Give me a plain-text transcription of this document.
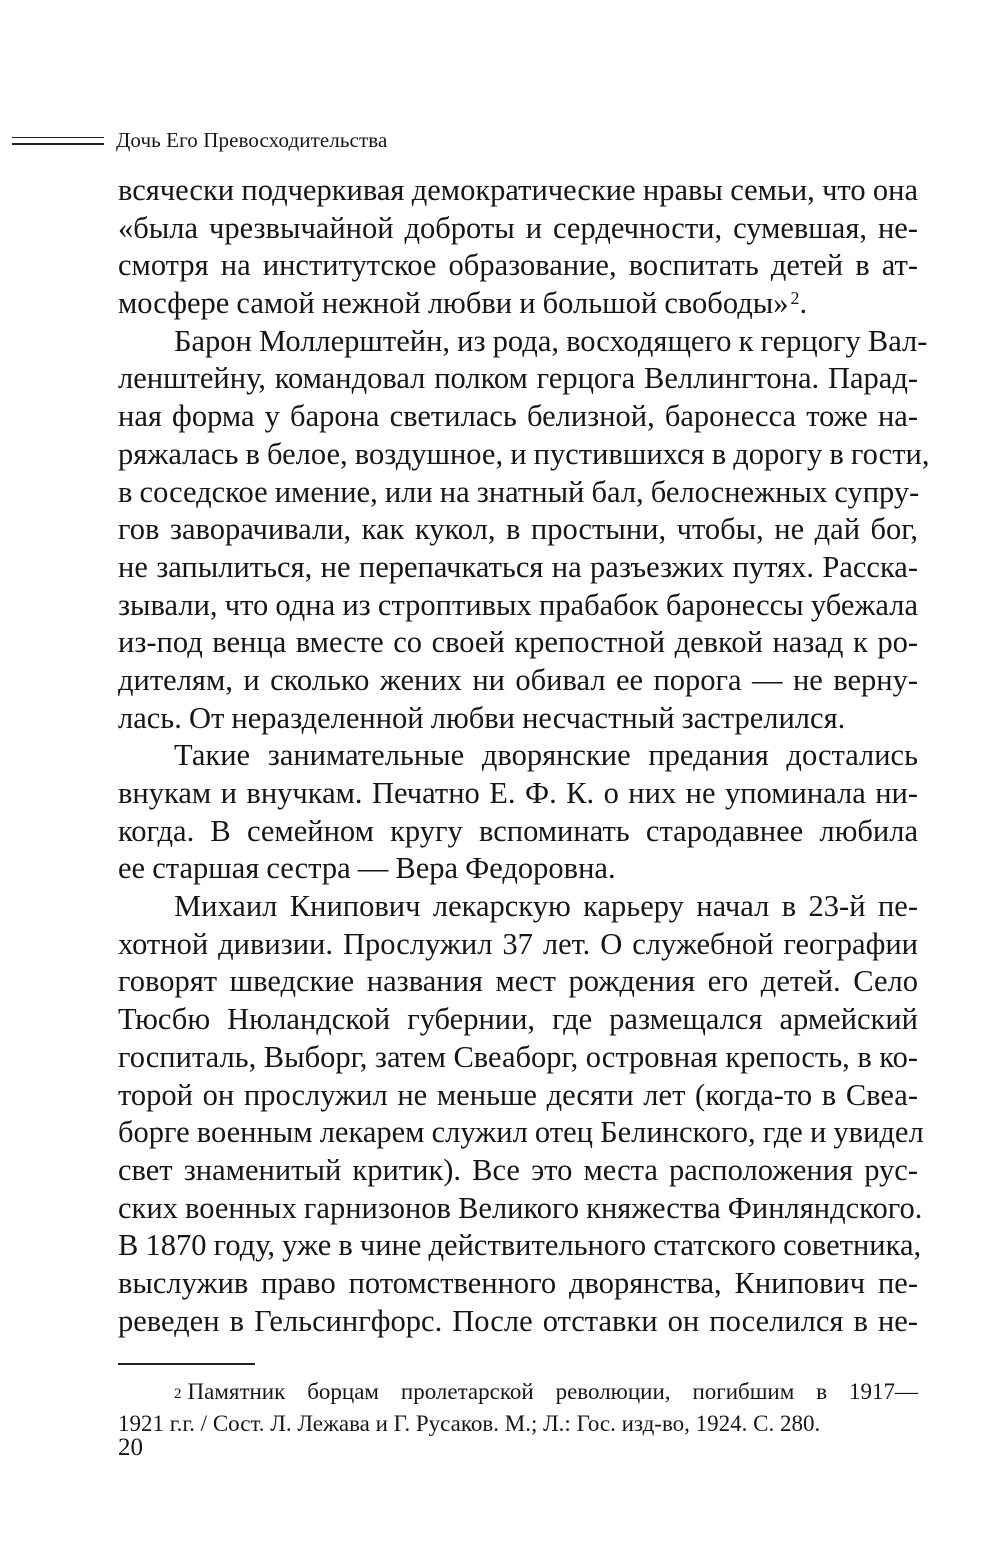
Дочь Его Превосходительства
всячески подчеркивая демократические нравы семьи, что она
«была чрезвычайной доброты и сердечности, сумевшая, не-
смотря на институтское образование, воспитать детей в ат-
мосфере самой нежной любви и большой свободы» $^2$.
Барон Моллерштейн, из рода, восходящего к герцогу Вал-
ленштейну, командовал полком герцога Веллингтона. Парад-
ная форма у барона светилась белизной, баронесса тоже на-
ряжалась в белое, воздушное, и пустившихся в дорогу в гости,
в соседское имение, или на знатный бал, белоснежных супру-
гов заворачивали, как кукол, в простыни, чтобы, не дай бог,
не запылиться, не перепачкаться на разъезжих путях. Расска-
зывали, что одна из строптивых прабабок баронессы убежала
из-под венца вместе со своей крепостной девкой назад к ро-
дителям, и сколько жених ни обивал ее порога — не верну-
лась. От неразделенной любви несчастный застрелился.
Такие занимательные дворянские предания достались
внукам и внучкам. Печатно Е. Ф. К. о них не упоминала ни-
когда. В семейном кругу вспоминать стародавнее любила
ее старшая сестра — Вера Федоровна.
Михаил Книпович лекарскую карьеру начал в 23-й пе-
хотной дивизии. Прослужил 37 лет. О служебной географии
говорят шведские названия мест рождения его детей. Село
Тюсбю Нюландской губернии, где размещался армейский
госпиталь, Выборг, затем Свеаборг, островная крепость, в ко-
торой он прослужил не меньше десяти лет (когда-то в Свеа-
борге военным лекарем служил отец Белинского, где и увидел
свет знаменитый критик). Все это места расположения рус-
ских военных гарнизонов Великого княжества Финляндского.
В 1870 году, уже в чине действительного статского советника,
выслужив право потомственного дворянства, Книпович пе-
реведен в Гельсингфорс. После отставки он поселился в не-
$^2$ Памятник борцам пролетарской революции, погибшим в 1917—
1921 г.г. / Сост. Л. Лежава и Г. Русаков. М.; Л.: Гос. изд-во, 1924. С. 280.
20
